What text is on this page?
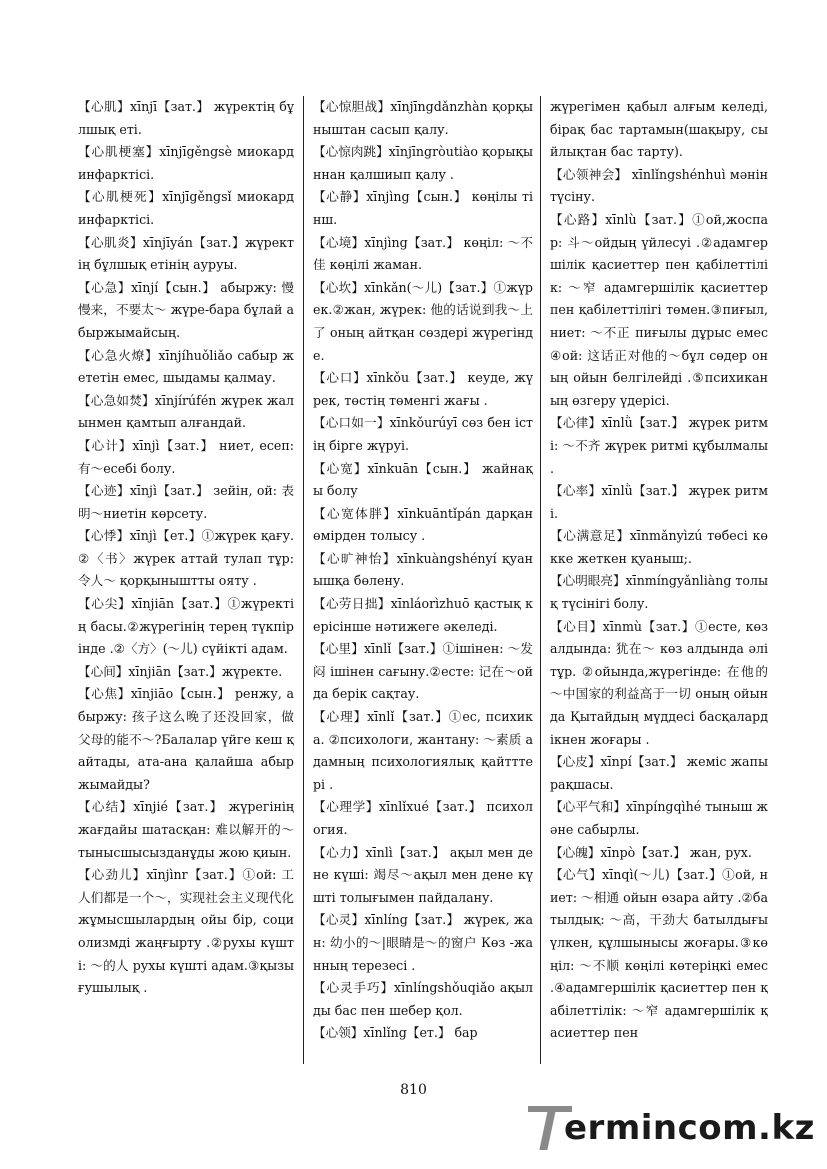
【心肌】xīnjī【зат.】 жүректің бұлшық еті.

【心肌梗塞】xīnjīgěngsè миокард инфарктісі.

【心肌梗死】xīnjīgěngsǐ миокард инфарктісі.

【心肌炎】xīnjīyán【зат.】жүректің бұлшық етінің ауруы.

【心急】xīnjí【сын.】 абыржу: 慢慢来，不要太～ жүре-бара бұлай абыржымайсың.

【心急火燎】xīnjíhuǒliǎo сабыр жететін емес, шыдамы қалмау.

【心急如焚】xīnjírúfén жүрек жалынмен қамтып алғандай.

【心计】xīnjì【зат.】 ниет, есеп: 有～есебі болу.

【心迹】xīnjì【зат.】 зейін, ой: 表明～ниетін көрсету.

【心悸】xīnjì【ет.】①жүрек қағу.②〈书〉жүрек аттай тулап тұр: 令人～ қорқыныштты ояту .

【心尖】xīnjiān【зат.】①жүректің басы.②жүрегінің терең түкпірінде .②〈方〉(～儿) сүйікті адам.

【心间】xīnjiān【зат.】жүректе.

【心焦】xīnjiāo【сын.】 ренжу, абыржу: 孩子这么晚了还没回家，做父母的能不～?Балалар үйге кеш қайтады, ата-ана қалайша абыржымайды?

【心结】xīnjié【зат.】 жүрегінің жағдайы шатасқан: 难以解开的～ тынысшысызданұды жою қиын.

【心劲儿】xīnjìnr【зат.】①ой: 工人们都是一个～，实现社会主义现代化 жұмысшылардың ойы бір, социолизмді жаңғырту .②рухы күшті: ～的人 рухы күшті адам.③қызығушылық .

【心惊胆战】xīnjīngdǎnzhàn қорқыныштан сасып қалу.

【心惊肉跳】xīnjīngròutiào қорықыннан қалшиып қалу .

【心静】xīnjìng【сын.】 көңілы тінш.

【心境】xīnjìng【зат.】 көңіл: ～不佳 көңілі жаман.

【心坎】xīnkǎn(～儿)【зат.】①жүрек.②жан, жүрек: 他的话说到我～上了 оның айтқан сөздері жүрегінде.

【心口】xīnkǒu【зат.】 кеуде, жүрек, төстің төменгі жағы .

【心口如一】xīnkǒurúyī сөз бен істің бірге жүруі.

【心宽】xīnkuān【сын.】 жайнақы болу

【心宽体胖】xīnkuāntǐpán дарқан өмірден толысу .

【心旷神怡】xīnkuàngshényí қуанышқа бөлену.

【心劳日拙】xīnláorìzhuō қастық керісінше нәтижеге әкеледі.

【心里】xīnlǐ【зат.】①ішінен: ～发闷 ішінен сағыну.②есте: 记在～ойда берік сақтау.

【心理】xīnlǐ【зат.】①ес, психика. ②психологи, жантану: ～素质 адамның психологиялық қайтттері .

【心理学】xīnlǐxué【зат.】 психология.

【心力】xīnlì【зат.】 ақыл мен дене күші: 竭尽～ақыл мен дене күшті толығымен пайдалану.

【心灵】xīnlíng【зат.】 жүрек, жан: 幼小的～|眼睛是～的窗户 Көз -жанның терезесі .

【心灵手巧】xīnlíngshǒuqiǎo ақылды бас пен шебер қол.

【心领】xīnlǐng【ет.】 бар

жүрегімен қабыл алғым келеді, бірақ бас тартамын(шақыру, сыйлықтан бас тарту).

【心领神会】 xīnlǐngshénhuì мәнін түсіну.

【心路】xīnlù【зат.】①ой,жоспар: 斗～ойдың үйлесуі .②адамгершілік қасиеттер пен қабілеттілік: ～窄 адамгершілік қасиеттер пен қабілеттілігі төмен.③пиғыл, ниет: ～不正 пиғылы дұрыс емес ④ой: 这话正对他的～бұл сөдер оның ойын белгілейді .⑤психиканың өзгеру үдерісі.

【心律】xīnlǜ【зат.】 жүрек ритмі: ～不齐 жүрек ритмі құбылмалы .

【心率】xīnlǜ【зат.】 жүрек ритмі.

【心满意足】xīnmǎnyìzú төбесі көкке жеткен қуаныш;.

【心明眼亮】xīnmíngyǎnliàng толық түсінігі болу.

【心目】xīnmù【зат.】①есте, көз алдында: 犹在～ көз алдында әлі тұр. ②ойында,жүрегінде: 在他的～中国家的利益高于一切 оның ойында Қытайдың мүддесі басқалардікнен жоғары .

【心皮】xīnpí【зат.】 жеміс жапырақшасы.

【心平气和】xīnpíngqìhé тыныш және сабырлы.

【心魄】xīnpò【зат.】 жан, рух.

【心气】xīnqì(～儿)【зат.】①ой, ниет: ～相通 ойын өзара айту .②батылдық: ～高，干劲大 батылдығы үлкен, құлшынысы жоғары.③көңіл: ～不顺 көңілі көтеріңкі емес .④адамгершілік қасиеттер пен қабілеттілік: ～窄 адамгершілік қасиеттер пен

810
ermincom.kz
